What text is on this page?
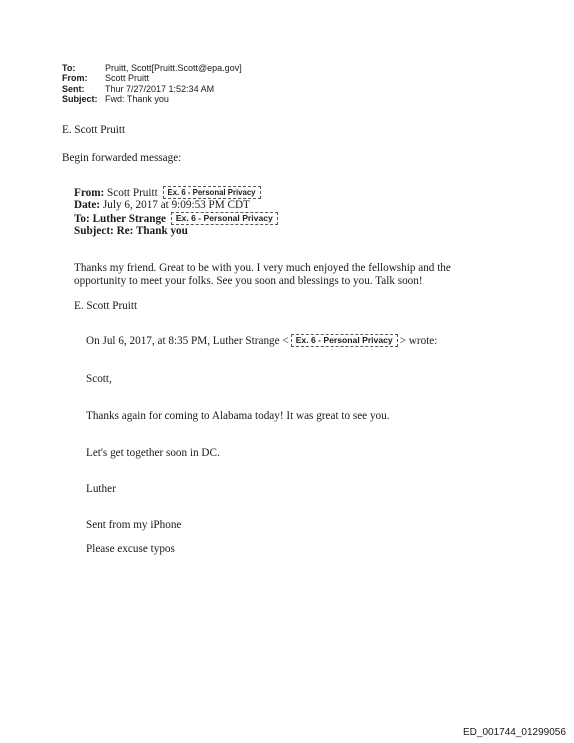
To:	Pruitt, Scott[Pruitt.Scott@epa.gov]
From:	Scott Pruitt
Sent:	Thur 7/27/2017 1:52:34 AM
Subject: Fwd: Thank you
E. Scott Pruitt
Begin forwarded message:
From: Scott Pruitt Ex. 6 - Personal Privacy
Date: July 6, 2017 at 9:09:53 PM CDT
To: Luther Strange Ex. 6 - Personal Privacy
Subject: Re: Thank you
Thanks my friend. Great to be with you. I very much enjoyed the fellowship and the
opportunity to meet your folks. See you soon and blessings to you. Talk soon!
E. Scott Pruitt
On Jul 6, 2017, at 8:35 PM, Luther Strange < Ex. 6 - Personal Privacy > wrote:
Scott,
Thanks again for coming to Alabama today! It was great to see you.
Let's get together soon in DC.
Luther
Sent from my iPhone
Please excuse typos
ED_001744_01299056
